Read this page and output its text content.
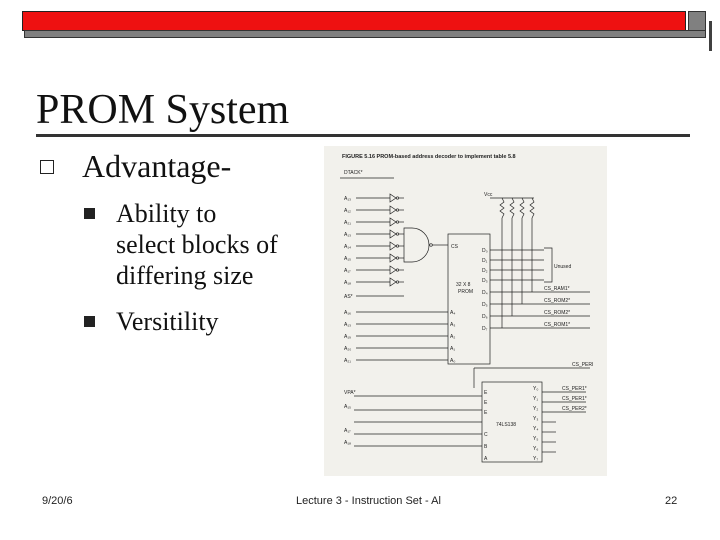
PROM System
Advantage-
Ability to
select blocks of
differing size
Versitility
FIGURE 5.16 PROM-based address decoder to implement table 5.8
DTACK*
A₁₃
A₁₂
A₂₁
A₁₃
A₁₄
A₁₅
A₁₇
A₁₈
AS*
A₁₆
A₁₃
A₁₉
A₂₀
A₂₁
32 X 8
PROM
CS
D₀
D₁
D₂
D₃
D₄
D₅
D₆
D₇
A₄
A₃
A₂
A₁
A₀
Vᴄᴄ
Unused
CS_RAM1*
CS_ROM2*
CS_ROM2*
CS_ROM1*
CS_PERI
VPA*
74LS138
A₁₅
A₁₇
A₁₈
E
E
E
C
B
A
Y₀
Y₁
Y₂
Y₃
Y₄
Y₅
Y₆
Y₇
CS_PER1*
CS_PER1*
CS_PER2*
9/20/6	Lecture 3 - Instruction Set - Al	22
